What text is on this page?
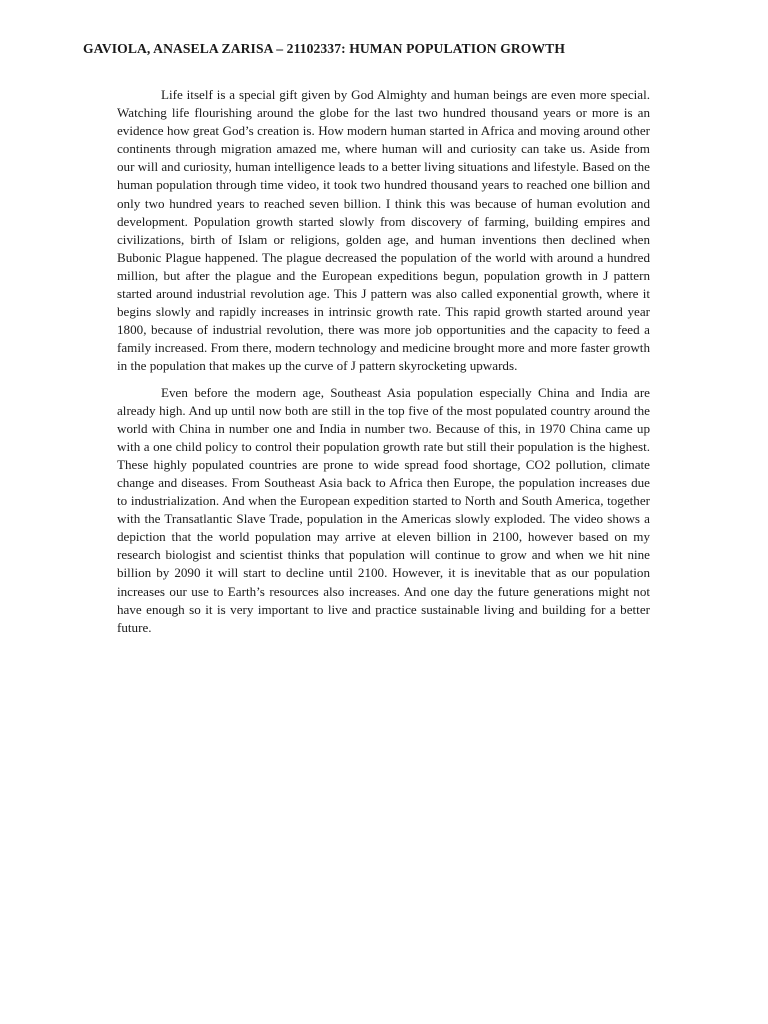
GAVIOLA, ANASELA ZARISA – 21102337: HUMAN POPULATION GROWTH

Life itself is a special gift given by God Almighty and human beings are even more special. Watching life flourishing around the globe for the last two hundred thousand years or more is an evidence how great God’s creation is. How modern human started in Africa and moving around other continents through migration amazed me, where human will and curiosity can take us. Aside from our will and curiosity, human intelligence leads to a better living situations and lifestyle. Based on the human population through time video, it took two hundred thousand years to reached one billion and only two hundred years to reached seven billion. I think this was because of human evolution and development. Population growth started slowly from discovery of farming, building empires and civilizations, birth of Islam or religions, golden age, and human inventions then declined when Bubonic Plague happened. The plague decreased the population of the world with around a hundred million, but after the plague and the European expeditions begun, population growth in J pattern started around industrial revolution age. This J pattern was also called exponential growth, where it begins slowly and rapidly increases in intrinsic growth rate. This rapid growth started around year 1800, because of industrial revolution, there was more job opportunities and the capacity to feed a family increased. From there, modern technology and medicine brought more and more faster growth in the population that makes up the curve of J pattern skyrocketing upwards.

Even before the modern age, Southeast Asia population especially China and India are already high. And up until now both are still in the top five of the most populated country around the world with China in number one and India in number two. Because of this, in 1970 China came up with a one child policy to control their population growth rate but still their population is the highest. These highly populated countries are prone to wide spread food shortage, CO2 pollution, climate change and diseases. From Southeast Asia back to Africa then Europe, the population increases due to industrialization. And when the European expedition started to North and South America, together with the Transatlantic Slave Trade, population in the Americas slowly exploded. The video shows a depiction that the world population may arrive at eleven billion in 2100, however based on my research biologist and scientist thinks that population will continue to grow and when we hit nine billion by 2090 it will start to decline until 2100. However, it is inevitable that as our population increases our use to Earth’s resources also increases. And one day the future generations might not have enough so it is very important to live and practice sustainable living and building for a better future.
